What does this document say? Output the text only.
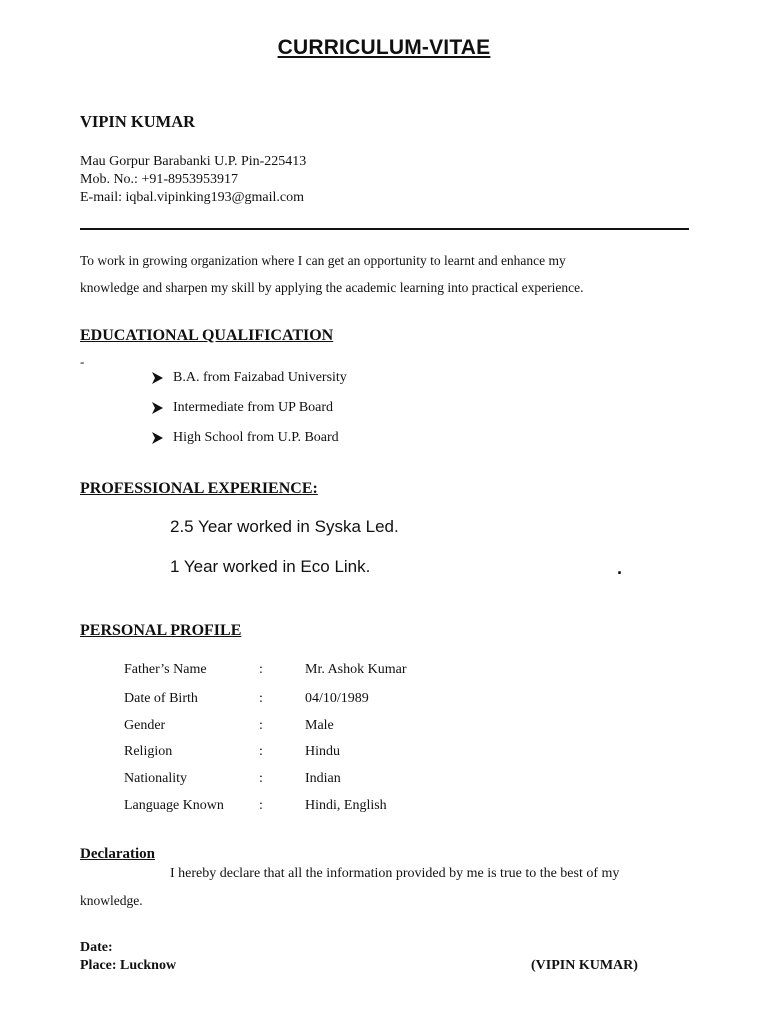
CURRICULUM-VITAE
VIPIN KUMAR
Mau Gorpur Barabanki U.P. Pin-225413
Mob. No.: +91-8953953917
E-mail: iqbal.vipinking193@gmail.com
To work in growing organization where I can get an opportunity to learnt and enhance my
knowledge and sharpen my skill by applying the academic learning into practical experience.
EDUCATIONAL QUALIFICATION
-
B.A. from Faizabad University
Intermediate from UP Board
High School from U.P. Board
PROFESSIONAL EXPERIENCE:
2.5 Year worked in Syska Led.
1 Year worked in Eco Link.	.
PERSONAL PROFILE
Father’s Name	:	Mr. Ashok Kumar
Date of Birth	:	04/10/1989
Gender	:	Male
Religion	:	Hindu
Nationality	:	Indian
Language Known	:	Hindi, English
Declaration
I hereby declare that all the information provided by me is true to the best of my
knowledge.
Date:
Place: Lucknow	(VIPIN KUMAR)
